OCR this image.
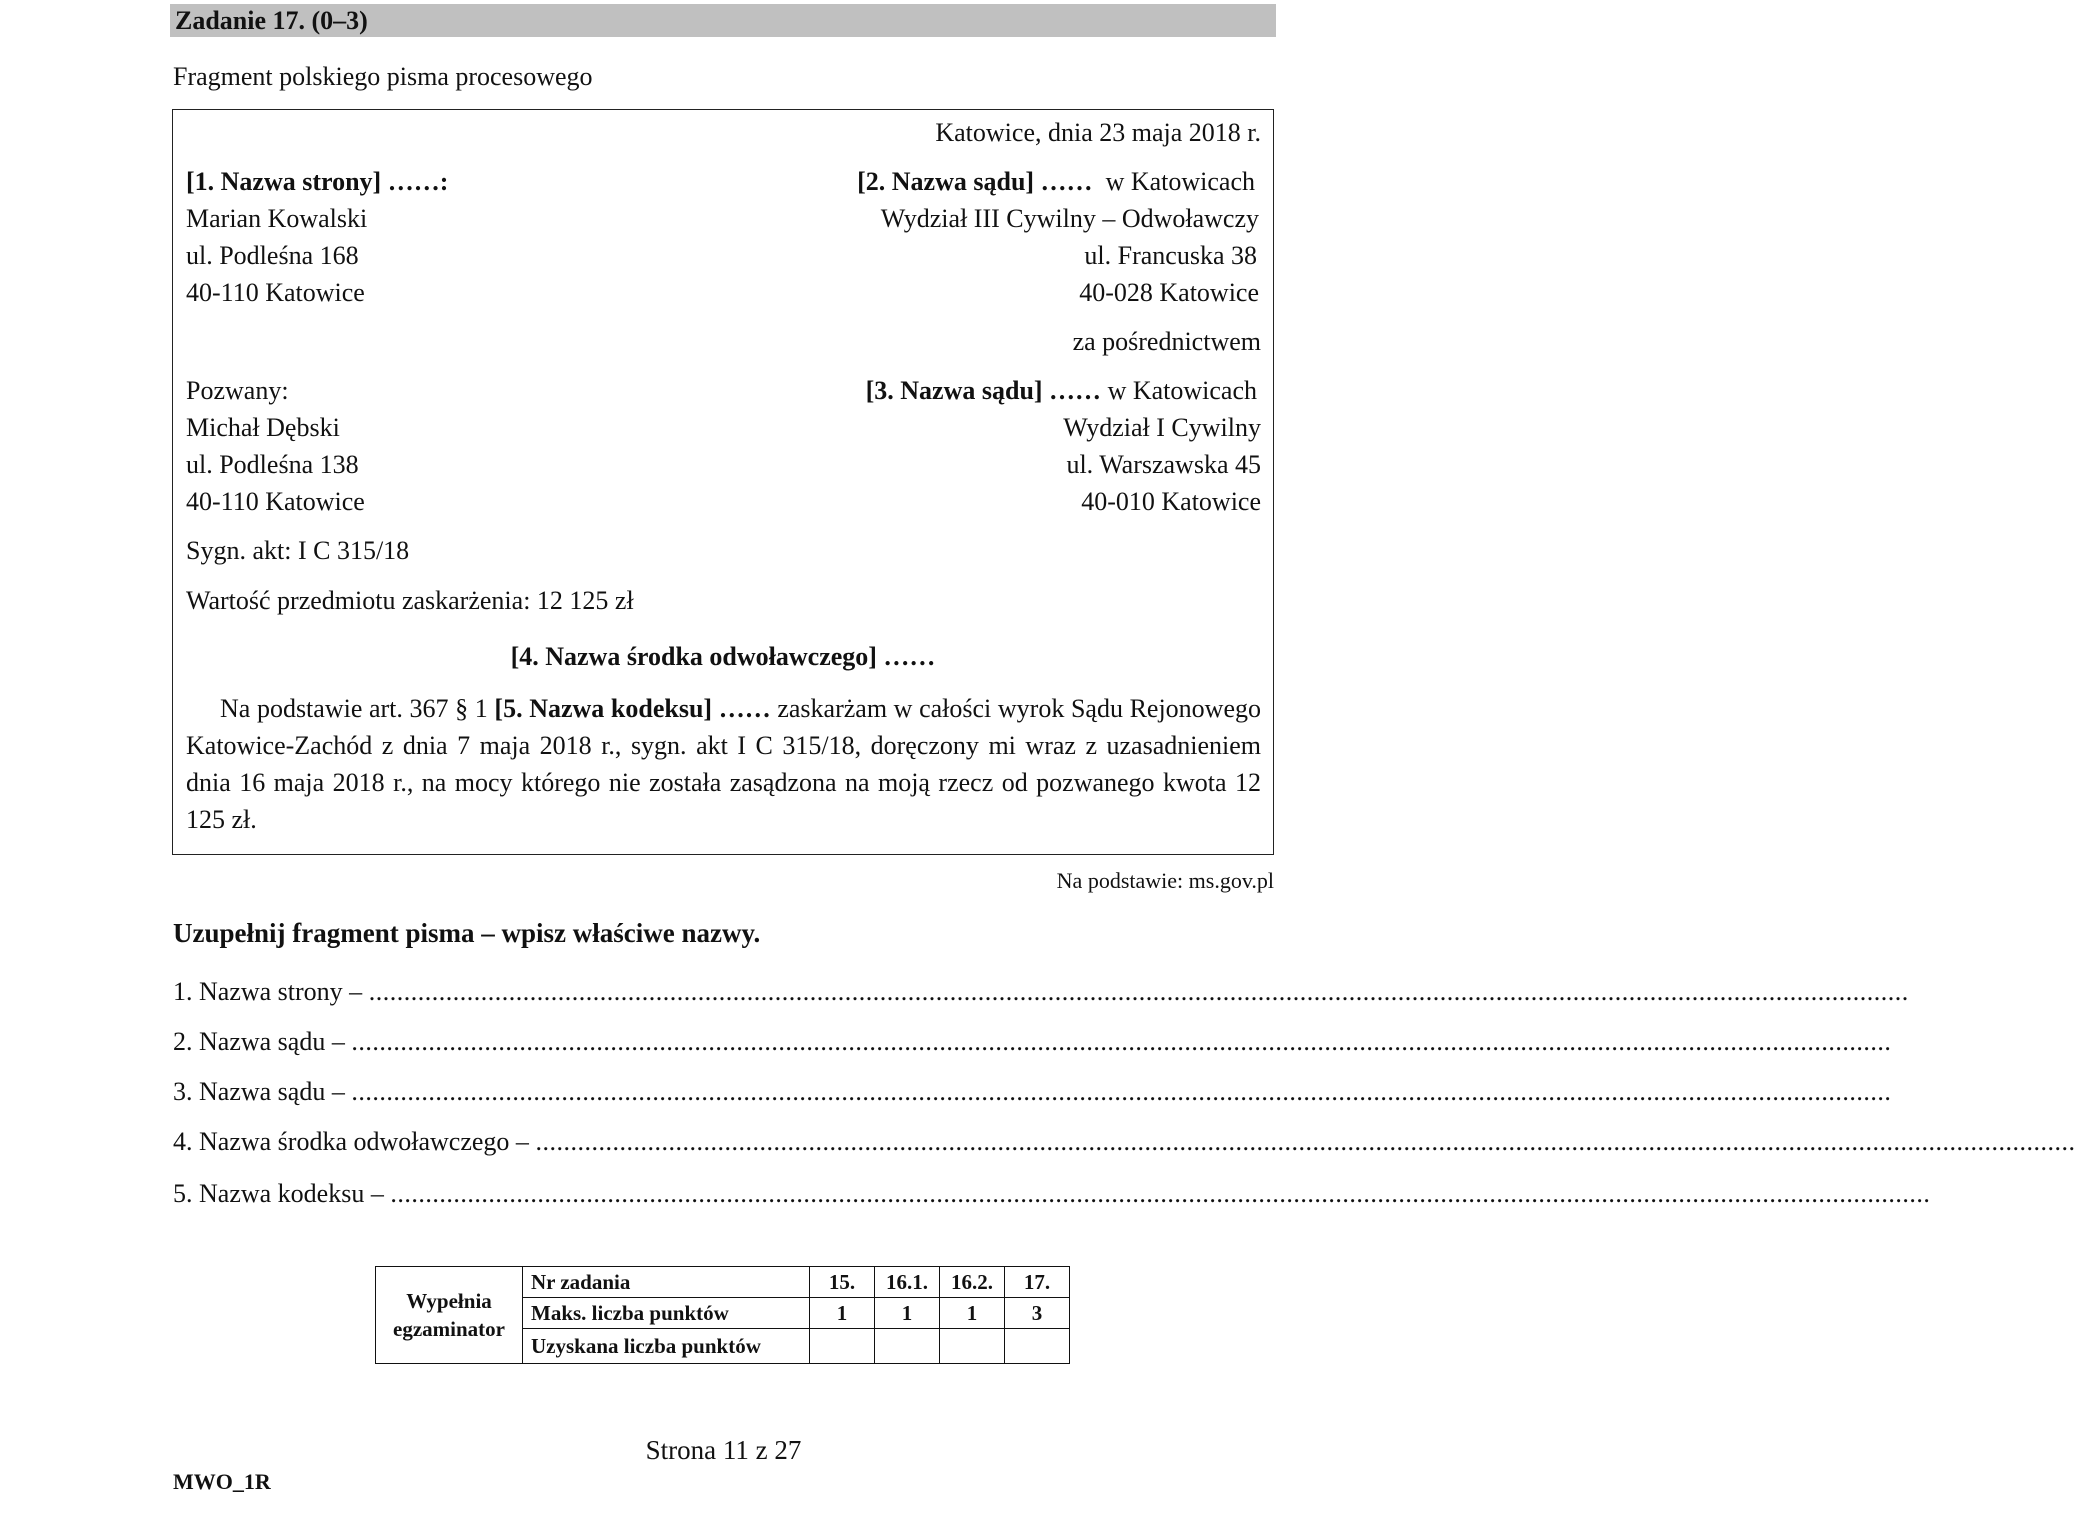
Zadanie 17. (0–3)
Fragment polskiego pisma procesowego
Katowice, dnia 23 maja 2018 r.
[1. Nazwa strony] ……:
Marian Kowalski
ul. Podleśna 168
40-110 Katowice
[2. Nazwa sądu] …… w Katowicach
Wydział III Cywilny – Odwoławczy
ul. Francuska 38
40-028 Katowice
za pośrednictwem
Pozwany:
Michał Dębski
ul. Podleśna 138
40-110 Katowice
[3. Nazwa sądu] …… w Katowicach
Wydział I Cywilny
ul. Warszawska 45
40-010 Katowice
Sygn. akt: I C 315/18
Wartość przedmiotu zaskarżenia: 12 125 zł
[4. Nazwa środka odwoławczego] ……
Na podstawie art. 367 § 1 [5. Nazwa kodeksu] …… zaskarżam w całości wyrok Sądu Rejonowego Katowice-Zachód z dnia 7 maja 2018 r., sygn. akt I C 315/18, doręczony mi wraz z uzasadnieniem dnia 16 maja 2018 r., na mocy którego nie została zasądzona na moją rzecz od pozwanego kwota 12 125 zł.
Na podstawie: ms.gov.pl
Uzupełnij fragment pisma – wpisz właściwe nazwy.
1. Nazwa strony – ............................................................................................................................................................................................................................
2. Nazwa sądu – ............................................................................................................................................................................................................................
3. Nazwa sądu – ............................................................................................................................................................................................................................
4. Nazwa środka odwoławczego – ............................................................................................................................................................................................................................
5. Nazwa kodeksu – ............................................................................................................................................................................................................................
Wypełnia egzaminator	Nr zadania	15.	16.1.	16.2.	17.
	Maks. liczba punktów	1	1	1	3
	Uzyskana liczba punktów				
Strona 11 z 27
MWO_1R
